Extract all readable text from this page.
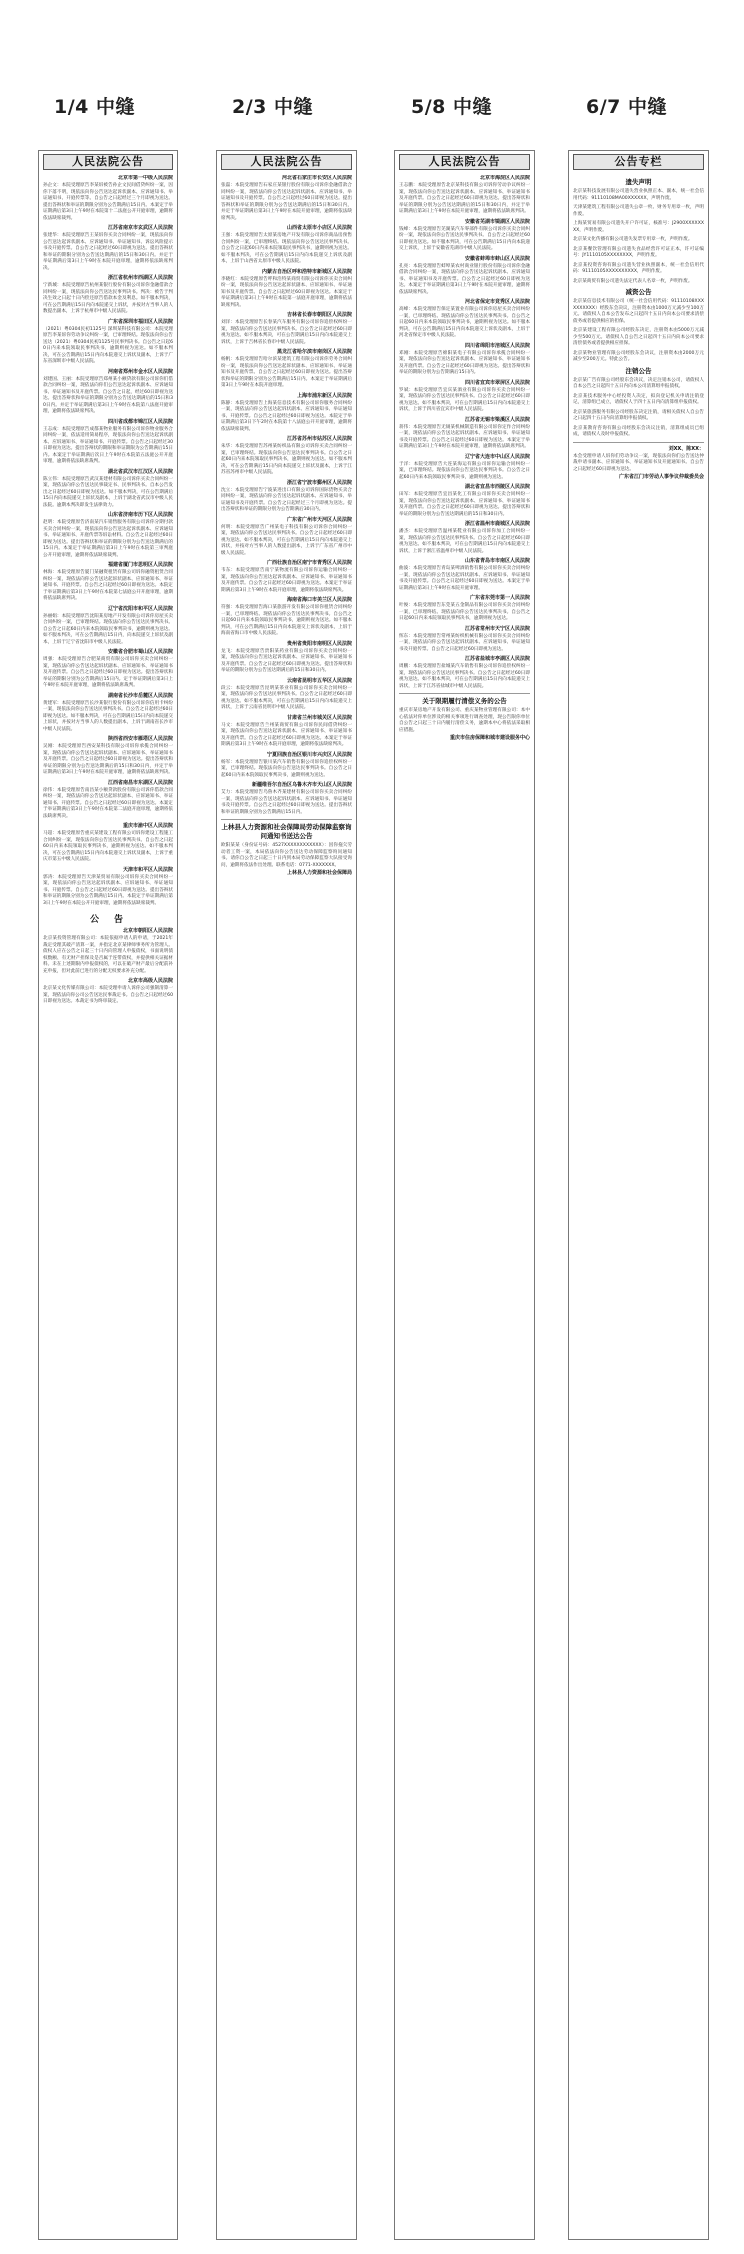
1/4 中缝	2/3 中缝	5/8 中缝	6/7 中缝
人民法院公告
北京市第一中级人民法院
孙企文：本院受理原告李某诉被告孙企文民间借贷纠纷一案，因你下落不明，现依法向你公告送达起诉状副本、应诉通知书、举证通知书、开庭传票等。自公告之日起经过三个月即视为送达。提出答辩状和举证的期限分别为公告期满后15日内。本案定于举证期满后第3日上午9时在本院第十二法庭公开开庭审理，逾期将依法缺席裁判。
江苏省南京市玄武区人民法院
张建华：本院受理原告王某诉你买卖合同纠纷一案，现依法向你公告送达起诉状副本、应诉通知书、举证通知书、诉讼风险提示书及开庭传票。自公告之日起经过60日即视为送达。提出答辩状和举证的期限分别为公告送达期满后的15日和30日内。并定于举证期满后第3日上午9时在本院开庭审理，逾期将依法缺席判决。
浙江省杭州市西湖区人民法院
宁新城：本院受理原告杭州某银行股份有限公司诉你金融借款合同纠纷一案，现依法向你公告送达民事判决书。判决：被告于判决生效之日起十日内偿还原告借款本金及利息。如不服本判决，可在公告期满后15日内向本院递交上诉状，并按对方当事人的人数提出副本，上诉于杭州市中级人民法院。
广东省深圳市福田区人民法院
（2021）粤0304民初1125号 深圳某科技有限公司：本院受理原告李某诉你劳动争议纠纷一案，已审理终结。现依法向你公告送达（2021）粤0304民初1125号民事判决书。自公告之日起60日内来本院领取民事判决书，逾期则视为送达。如不服本判决，可在公告期满后15日内向本院递交上诉状及副本，上诉于广东省深圳市中级人民法院。
河南省郑州市金水区人民法院
刘建国、王丽：本院受理原告郑州某小额贷款有限公司诉你们借款合同纠纷一案，现依法向你们公告送达起诉状副本、应诉通知书、举证通知书及开庭传票。自公告之日起，经过60日即视为送达。提出答辩状和举证的期限分别为公告送达期满后的15日和30日内。并定于举证期满后第3日上午9时在本院第八法庭开庭审理，逾期将依法缺席判决。
四川省成都市锦江区人民法院
王志成：本院受理原告成都某物业服务有限公司诉你物业服务合同纠纷一案，依法适用简易程序，现依法向你公告送达起诉状副本、应诉通知书、举证通知书、开庭传票。自公告之日起经过30日即视为送达。提出答辩状的期限和举证期限为公告期满后15日内。本案定于举证期满后次日上午9时在本院第五法庭公开开庭审理，逾期将依法缺席裁判。
湖北省武汉市江汉区人民法院
陈立伟：本院受理原告武汉某建材有限公司诉你买卖合同纠纷一案，现依法向你公告送达民事裁定书、民事判决书。自本公告发出之日起经过60日即视为送达。如不服本判决，可在公告期满后15日内向本院递交上诉状及副本，上诉于湖北省武汉市中级人民法院。逾期本判决即发生法律效力。
山东省济南市历下区人民法院
赵明：本院受理原告济南某汽车销售服务有限公司诉你分期付款买卖合同纠纷一案，现依法向你公告送达起诉状副本、应诉通知书、举证通知书、开庭传票等诉讼材料。自公告之日起经过60日即视为送达。提出答辩状和举证的期限分别为公告送达期满后的15日内。本案定于举证期满后第3日上午9时在本院第三审判庭公开开庭审理，逾期将依法缺席裁判。
福建省厦门市思明区人民法院
林海：本院受理原告厦门某融资租赁有限公司诉你融资租赁合同纠纷一案，现依法向你公告送达起诉状副本、应诉通知书、举证通知书、开庭传票。自公告之日起经过60日即视为送达。本院定于举证期满后第3日上午9时在本院第七法庭公开开庭审理，逾期将依法缺席判决。
辽宁省沈阳市和平区人民法院
孙丽娟：本院受理原告沈阳某房地产开发有限公司诉你房屋买卖合同纠纷一案，已审理终结。现依法向你公告送达民事判决书。自公告之日起60日内来本院领取民事判决书，逾期则视为送达。如不服本判决，可在公告期满后15日内，向本院递交上诉状及副本，上诉于辽宁省沈阳市中级人民法院。
安徽省合肥市蜀山区人民法院
周强：本院受理原告合肥某商贸有限公司诉你买卖合同纠纷一案，现依法向你公告送达起诉状副本、应诉通知书、举证通知书及开庭传票。自公告之日起经过60日即视为送达。提出答辩状和举证的期限分别为公告期满后15日内。定于举证期满后第3日上午9时在本院开庭审理，逾期将依法缺席裁判。
湖南省长沙市岳麓区人民法院
黄建军：本院受理原告长沙某银行股份有限公司诉你信用卡纠纷一案，现依法向你公告送达民事判决书。自公告之日起经过60日即视为送达。如不服本判决，可在公告期满后15日内向本院递交上诉状，并按对方当事人的人数提出副本，上诉于湖南省长沙市中级人民法院。
陕西省西安市雁塔区人民法院
吴刚：本院受理原告西安某科技有限公司诉你承揽合同纠纷一案，现依法向你公告送达起诉状副本、应诉通知书、举证通知书及开庭传票。自公告之日起经过60日即视为送达。提出答辩状和举证的期限分别为公告送达期满后的15日和30日内，并定于举证期满后第3日上午9时在本院开庭审理，逾期将依法缺席判决。
江西省南昌市东湖区人民法院
徐伟：本院受理原告南昌某小额贷款股份有限公司诉你借款合同纠纷一案，现依法向你公告送达起诉状副本、应诉通知书、举证通知书、开庭传票。自公告之日起经过60日即视为送达。本案定于举证期满后第3日上午9时在本院第二法庭开庭审理，逾期将依法缺席判决。
重庆市渝中区人民法院
马超：本院受理原告重庆某建设工程有限公司诉你建设工程施工合同纠纷一案，现依法向你公告送达民事判决书。自公告之日起60日内来本院领取民事判决书，逾期则视为送达。如不服本判决，可在公告期满后15日内向本院递交上诉状及副本，上诉于重庆市第五中级人民法院。
天津市和平区人民法院
郭涛：本院受理原告天津某贸易有限公司诉你买卖合同纠纷一案，现依法向你公告送达起诉状副本、应诉通知书、举证通知书、开庭传票。自公告之日起经过60日即视为送达。提出答辩状和举证的期限分别为公告期满后15日内。本院定于举证期满后第3日上午9时在本院公开开庭审理，逾期将依法缺席裁判。
公　告
北京市朝阳区人民法院
北京某投资管理有限公司：本院依据申请人的申请，于2021年裁定受理其破产清算一案，并指定北京某律师事务所为管理人。债权人应在公告之日起三十日内向管理人申报债权，书面说明债权数额、有无财产担保及是否属于连带债权，并提供相关证据材料。未在上述期限内申报债权的，可以在破产财产最后分配前补充申报，但对此前已进行的分配无权要求补充分配。
北京市高级人民法院
北京某文化传媒有限公司：本院受理申请人诉你公司强制清算一案，现依法向你公司公告送达民事裁定书。自公告之日起经过60日即视为送达。本裁定书为终审裁定。
人民法院公告
河北省石家庄市长安区人民法院
张磊：本院受理原告石家庄某银行股份有限公司诉你金融借款合同纠纷一案，现依法向你公告送达起诉状副本、应诉通知书、举证通知书及开庭传票。自公告之日起经过60日即视为送达。提出答辩状和举证的期限分别为公告送达期满后的15日和30日内，并定于举证期满后第3日上午9时在本院开庭审理，逾期将依法缺席判决。
山西省太原市小店区人民法院
王强：本院受理原告太原某房地产开发有限公司诉你商品房预售合同纠纷一案，已审理终结。现依法向你公告送达民事判决书。自公告之日起60日内来本院领取民事判决书，逾期则视为送达。如不服本判决，可在公告期满后15日内向本院递交上诉状及副本，上诉于山西省太原市中级人民法院。
内蒙古自治区呼和浩特市新城区人民法院
李晓红：本院受理原告呼和浩特某商贸有限公司诉你买卖合同纠纷一案，现依法向你公告送达起诉状副本、应诉通知书、举证通知书及开庭传票。自公告之日起经过60日即视为送达。本案定于举证期满后第3日上午9时在本院第一法庭开庭审理，逾期将依法缺席判决。
吉林省长春市朝阳区人民法院
刘洋：本院受理原告长春某汽车服务有限公司诉你追偿权纠纷一案，现依法向你公告送达民事判决书。自公告之日起经过60日即视为送达。如不服本判决，可在公告期满后15日内向本院递交上诉状，上诉于吉林省长春市中级人民法院。
黑龙江省哈尔滨市南岗区人民法院
杨帆：本院受理原告哈尔滨某建筑工程有限公司诉你劳务合同纠纷一案，现依法向你公告送达起诉状副本、应诉通知书、举证通知书及开庭传票。自公告之日起经过60日即视为送达。提出答辩状和举证的期限分别为公告期满后15日内。本案定于举证期满后第3日上午9时在本院开庭审理。
上海市浦东新区人民法院
陈静：本院受理原告上海某信息技术有限公司诉你服务合同纠纷一案，现依法向你公告送达起诉状副本、应诉通知书、举证通知书、开庭传票。自公告之日起经过60日即视为送达。本院定于举证期满后第3日下午2时在本院第十八法庭公开开庭审理，逾期将依法缺席裁判。
江苏省苏州市姑苏区人民法院
朱华：本院受理原告苏州某纺织品有限公司诉你买卖合同纠纷一案，已审理终结。现依法向你公告送达民事判决书。自公告之日起60日内来本院领取民事判决书，逾期则视为送达。如不服本判决，可在公告期满后15日内向本院递交上诉状及副本，上诉于江苏省苏州市中级人民法院。
浙江省宁波市鄞州区人民法院
沈立：本院受理原告宁波某进出口有限公司诉你国际货物买卖合同纠纷一案，现依法向你公告送达起诉状副本、应诉通知书、举证通知书及开庭传票。自公告之日起经过三个月即视为送达。提出答辩状和举证的期限分别为公告期满后30日内。
广东省广州市天河区人民法院
何明：本院受理原告广州某电子科技有限公司诉你合同纠纷一案，现依法向你公告送达民事判决书。自公告之日起经过60日即视为送达。如不服本判决，可在公告期满后15日内向本院递交上诉状，并按对方当事人的人数提出副本，上诉于广东省广州市中级人民法院。
广西壮族自治区南宁市青秀区人民法院
韦东：本院受理原告南宁某物流有限公司诉你运输合同纠纷一案，现依法向你公告送达起诉状副本、应诉通知书、举证通知书及开庭传票。自公告之日起经过60日即视为送达。本案定于举证期满后第3日上午9时在本院开庭审理，逾期将依法缺席判决。
海南省海口市美兰区人民法院
符强：本院受理原告海口某旅游开发有限公司诉你租赁合同纠纷一案，已审理终结。现依法向你公告送达民事判决书。自公告之日起60日内来本院领取民事判决书，逾期则视为送达。如不服本判决，可在公告期满后15日内向本院递交上诉状及副本，上诉于海南省海口市中级人民法院。
贵州省贵阳市南明区人民法院
龙飞：本院受理原告贵阳某药业有限公司诉你买卖合同纠纷一案，现依法向你公告送达起诉状副本、应诉通知书、举证通知书及开庭传票。自公告之日起经过60日即视为送达。提出答辩状和举证的期限分别为公告送达期满后的15日和30日内。
云南省昆明市五华区人民法院
段云：本院受理原告昆明某茶业有限公司诉你买卖合同纠纷一案，现依法向你公告送达民事判决书。自公告之日起经过60日即视为送达。如不服本判决，可在公告期满后15日内向本院递交上诉状，上诉于云南省昆明市中级人民法院。
甘肃省兰州市城关区人民法院
马文：本院受理原告兰州某商贸有限公司诉你民间借贷纠纷一案，现依法向你公告送达起诉状副本、应诉通知书、举证通知书及开庭传票。自公告之日起经过60日即视为送达。本案定于举证期满后第3日上午9时在本院开庭审理，逾期将依法缺席判决。
宁夏回族自治区银川市兴庆区人民法院
杨军：本院受理原告银川某汽车销售有限公司诉你追偿权纠纷一案，已审理终结。现依法向你公告送达民事判决书。自公告之日起60日内来本院领取民事判决书，逾期则视为送达。
新疆维吾尔自治区乌鲁木齐市天山区人民法院
艾力：本院受理原告乌鲁木齐某建材有限公司诉你买卖合同纠纷一案，现依法向你公告送达起诉状副本、应诉通知书、举证通知书及开庭传票。自公告之日起经过60日即视为送达。提出答辩状和举证的期限分别为公告期满后15日内。
上林县人力资源和社会保障局劳动保障监察询问通知书送达公告
欧阳某某（身份证号码：4527XXXXXXXXXXXX）：因你拖欠劳动者工资一案，本局依法向你公告送达劳动保障监察询问通知书。请你自公告之日起三十日内到本局劳动保障监察大队接受询问，逾期将依法作出处理。联系电话：0771-XXXXXXX。
上林县人力资源和社会保障局
人民法院公告
北京市海淀区人民法院
王志鹏：本院受理原告北京某科技有限公司诉你劳动争议纠纷一案，现依法向你公告送达起诉状副本、应诉通知书、举证通知书及开庭传票。自公告之日起经过60日即视为送达。提出答辩状和举证的期限分别为公告送达期满后的15日和30日内，并定于举证期满后第3日上午9时在本院开庭审理，逾期将依法缺席判决。
安徽省芜湖市镜湖区人民法院
钱峰：本院受理原告芜湖某汽车零部件有限公司诉你买卖合同纠纷一案，现依法向你公告送达民事判决书。自公告之日起经过60日即视为送达。如不服本判决，可在公告期满后15日内向本院递交上诉状，上诉于安徽省芜湖市中级人民法院。
安徽省蚌埠市蚌山区人民法院
孔亮：本院受理原告蚌埠某农村商业银行股份有限公司诉你金融借款合同纠纷一案，现依法向你公告送达起诉状副本、应诉通知书、举证通知书及开庭传票。自公告之日起经过60日即视为送达。本案定于举证期满后第3日上午9时在本院开庭审理，逾期将依法缺席判决。
河北省保定市竞秀区人民法院
高峰：本院受理原告保定某置业有限公司诉你房屋买卖合同纠纷一案，已审理终结。现依法向你公告送达民事判决书。自公告之日起60日内来本院领取民事判决书，逾期则视为送达。如不服本判决，可在公告期满后15日内向本院递交上诉状及副本，上诉于河北省保定市中级人民法院。
四川省绵阳市涪城区人民法院
邓刚：本院受理原告绵阳某电子有限公司诉你承揽合同纠纷一案，现依法向你公告送达起诉状副本、应诉通知书、举证通知书及开庭传票。自公告之日起经过60日即视为送达。提出答辩状和举证的期限分别为公告期满后15日内。
四川省宜宾市翠屏区人民法院
罗斌：本院受理原告宜宾某酒业有限公司诉你买卖合同纠纷一案，现依法向你公告送达民事判决书。自公告之日起经过60日即视为送达。如不服本判决，可在公告期满后15日内向本院递交上诉状，上诉于四川省宜宾市中级人民法院。
江苏省无锡市梁溪区人民法院
蒋伟：本院受理原告无锡某机械制造有限公司诉你定作合同纠纷一案，现依法向你公告送达起诉状副本、应诉通知书、举证通知书及开庭传票。自公告之日起经过60日即视为送达。本案定于举证期满后第3日上午9时在本院开庭审理，逾期将依法缺席判决。
辽宁省大连市中山区人民法院
于洋：本院受理原告大连某海运有限公司诉你运输合同纠纷一案，已审理终结。现依法向你公告送达民事判决书。自公告之日起60日内来本院领取民事判决书，逾期则视为送达。
湖北省宜昌市西陵区人民法院
田军：本院受理原告宜昌某化工有限公司诉你买卖合同纠纷一案，现依法向你公告送达起诉状副本、应诉通知书、举证通知书及开庭传票。自公告之日起经过60日即视为送达。提出答辩状和举证的期限分别为公告送达期满后的15日和30日内。
浙江省温州市鹿城区人民法院
潘杰：本院受理原告温州某鞋业有限公司诉你加工合同纠纷一案，现依法向你公告送达民事判决书。自公告之日起经过60日即视为送达。如不服本判决，可在公告期满后15日内向本院递交上诉状，上诉于浙江省温州市中级人民法院。
山东省青岛市市南区人民法院
曲波：本院受理原告青岛某啤酒销售有限公司诉你买卖合同纠纷一案，现依法向你公告送达起诉状副本、应诉通知书、举证通知书及开庭传票。自公告之日起经过60日即视为送达。本案定于举证期满后第3日上午9时在本院开庭审理。
广东省东莞市第一人民法院
叶俊：本院受理原告东莞某五金制品有限公司诉你买卖合同纠纷一案，已审理终结。现依法向你公告送达民事判决书。自公告之日起60日内来本院领取民事判决书，逾期则视为送达。
江苏省常州市天宁区人民法院
恽东：本院受理原告常州某纺织机械有限公司诉你买卖合同纠纷一案，现依法向你公告送达起诉状副本、应诉通知书、举证通知书及开庭传票。自公告之日起经过60日即视为送达。
江苏省盐城市亭湖区人民法院
周鹏：本院受理原告盐城某汽车销售有限公司诉你追偿权纠纷一案，现依法向你公告送达民事判决书。自公告之日起经过60日即视为送达。如不服本判决，可在公告期满后15日内向本院递交上诉状，上诉于江苏省盐城市中级人民法院。
关于限期履行清偿义务的公告
重庆市某房地产开发有限公司、重庆某物业管理有限公司：本中心依法对你单位涉及的相关事项进行调查处理，现公告限你单位自公告之日起三十日内履行清偿义务，逾期本中心将依法采取相应措施。
重庆市住房保障和城市建设服务中心
公告专栏
遗失声明
北京某科技发展有限公司遗失营业执照正本、副本，统一社会信用代码：91110108MA00XXXXXX，声明作废。
天津某建筑工程有限公司遗失公章一枚、财务专用章一枚，声明作废。
上海某贸易有限公司遗失开户许可证，核准号：J2900XXXXXXXX，声明作废。
北京某文化传播有限公司遗失发票专用章一枚，声明作废。
北京某餐饮管理有限公司遗失食品经营许可证正本，许可证编号：JY1110105XXXXXXXX，声明作废。
北京某投资咨询有限公司遗失营业执照副本，统一社会信用代码：91110105XXXXXXXXXX，声明作废。
北京某商贸有限公司遗失法定代表人名章一枚，声明作废。
减资公告
北京某信息技术有限公司（统一社会信用代码：91110108XXXXXXXXXX）经股东会决议，注册资本由1000万元减少至100万元。请债权人自本公告发布之日起四十五日内向本公司要求清偿债务或者提供相应的担保。
北京某建设工程有限公司经股东决定，注册资本由5000万元减少至500万元。请债权人自公告之日起四十五日内向本公司要求清偿债务或者提供相应担保。
北京某物业管理有限公司经股东会决议，注册资本由2000万元减少至200万元。特此公告。
注销公告
北京某广告有限公司经股东会决议，决定注销本公司，请债权人自本公告之日起四十五日内向本公司清算组申报债权。
北京某技术服务中心经投资人决定，拟向登记机关申请注销登记，清算组已成立，请债权人于四十五日内向清算组申报债权。
北京某旅游服务有限公司经股东决定注销，请相关债权人自公告之日起四十五日内向清算组申报债权。
北京某教育咨询有限公司经股东会决议注销，清算组成员已组成，请债权人及时申报债权。
刘XX、陈XX：
本会受理申请人诉你们劳动争议一案，现依法向你们公告送达仲裁申请书副本、应诉通知书、举证通知书及开庭通知书。自公告之日起经过60日即视为送达。
广东省江门市劳动人事争议仲裁委员会
